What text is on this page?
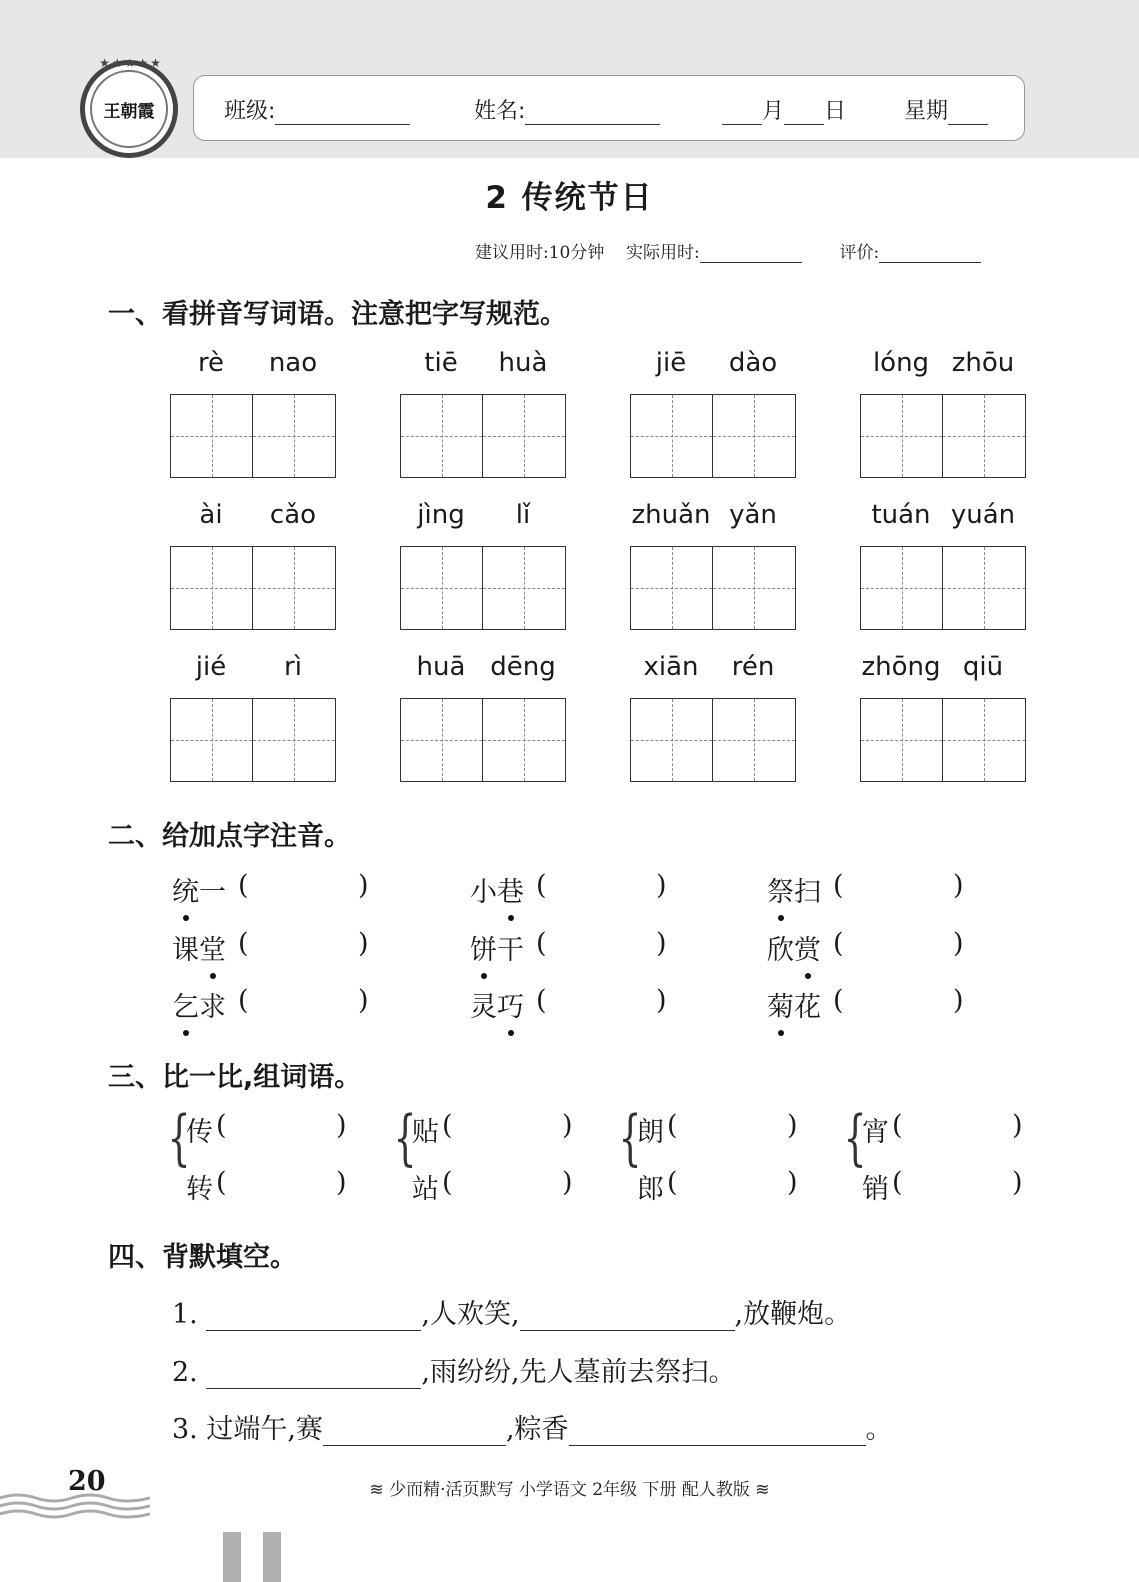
王朝霞
★★★★★
班级:	姓名:	月 日	星期
2 传统节日
建议用时:10分钟 实际用时:	评价:
一、看拼音写词语。注意把字写规范。
rè	nao	tiē	huà	jiē	dào	lóng zhōu
ài	cǎo	jìng	lǐ	zhuǎn yǎn	tuán yuán
jié	rì	huā dēng	xiān	rén	zhōng qiū
二、给加点字注音。
统一 (	)	小巷 (	)	祭扫 (	)
课堂 (	)	饼干 (	)	欣赏 (	)
乞求 (	)	灵巧 (	)	菊花 (	)
三、比一比,组词语。
{
传 (	)
转 (	)
{
贴 (	)
站 (	)
{
朗 (	)
郎 (	)
{
宵 (	)
销 (	)
四、背默填空。
1.	,人欢笑,	,放鞭炮。
2.	,雨纷纷,先人墓前去祭扫。
3. 过端午,赛	,粽香	。
20	≋ 少而精·活页默写 小学语文 2年级 下册 配人教版 ≋
